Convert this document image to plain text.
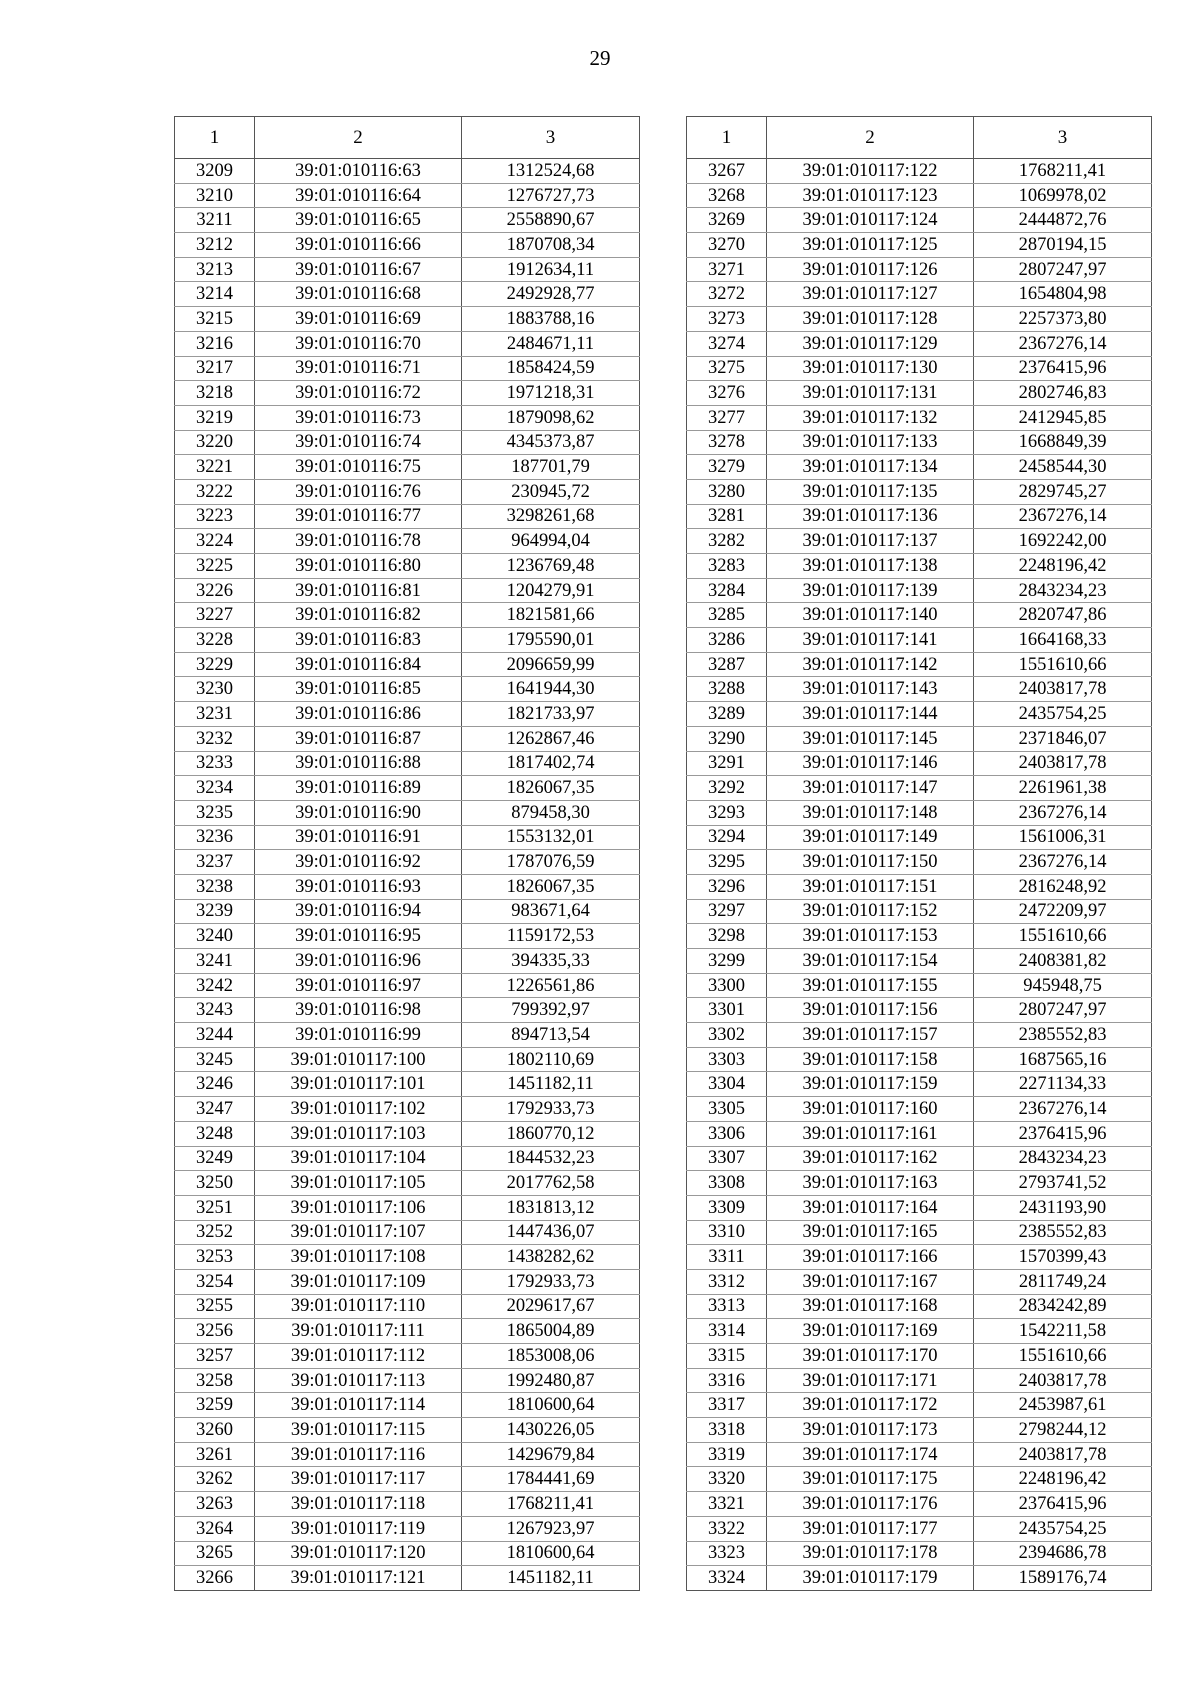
29
1	2	3
3209	39:01:010116:63	1312524,68
3210	39:01:010116:64	1276727,73
3211	39:01:010116:65	2558890,67
3212	39:01:010116:66	1870708,34
3213	39:01:010116:67	1912634,11
3214	39:01:010116:68	2492928,77
3215	39:01:010116:69	1883788,16
3216	39:01:010116:70	2484671,11
3217	39:01:010116:71	1858424,59
3218	39:01:010116:72	1971218,31
3219	39:01:010116:73	1879098,62
3220	39:01:010116:74	4345373,87
3221	39:01:010116:75	187701,79
3222	39:01:010116:76	230945,72
3223	39:01:010116:77	3298261,68
3224	39:01:010116:78	964994,04
3225	39:01:010116:80	1236769,48
3226	39:01:010116:81	1204279,91
3227	39:01:010116:82	1821581,66
3228	39:01:010116:83	1795590,01
3229	39:01:010116:84	2096659,99
3230	39:01:010116:85	1641944,30
3231	39:01:010116:86	1821733,97
3232	39:01:010116:87	1262867,46
3233	39:01:010116:88	1817402,74
3234	39:01:010116:89	1826067,35
3235	39:01:010116:90	879458,30
3236	39:01:010116:91	1553132,01
3237	39:01:010116:92	1787076,59
3238	39:01:010116:93	1826067,35
3239	39:01:010116:94	983671,64
3240	39:01:010116:95	1159172,53
3241	39:01:010116:96	394335,33
3242	39:01:010116:97	1226561,86
3243	39:01:010116:98	799392,97
3244	39:01:010116:99	894713,54
3245	39:01:010117:100	1802110,69
3246	39:01:010117:101	1451182,11
3247	39:01:010117:102	1792933,73
3248	39:01:010117:103	1860770,12
3249	39:01:010117:104	1844532,23
3250	39:01:010117:105	2017762,58
3251	39:01:010117:106	1831813,12
3252	39:01:010117:107	1447436,07
3253	39:01:010117:108	1438282,62
3254	39:01:010117:109	1792933,73
3255	39:01:010117:110	2029617,67
3256	39:01:010117:111	1865004,89
3257	39:01:010117:112	1853008,06
3258	39:01:010117:113	1992480,87
3259	39:01:010117:114	1810600,64
3260	39:01:010117:115	1430226,05
3261	39:01:010117:116	1429679,84
3262	39:01:010117:117	1784441,69
3263	39:01:010117:118	1768211,41
3264	39:01:010117:119	1267923,97
3265	39:01:010117:120	1810600,64
3266	39:01:010117:121	1451182,11
1	2	3
3267	39:01:010117:122	1768211,41
3268	39:01:010117:123	1069978,02
3269	39:01:010117:124	2444872,76
3270	39:01:010117:125	2870194,15
3271	39:01:010117:126	2807247,97
3272	39:01:010117:127	1654804,98
3273	39:01:010117:128	2257373,80
3274	39:01:010117:129	2367276,14
3275	39:01:010117:130	2376415,96
3276	39:01:010117:131	2802746,83
3277	39:01:010117:132	2412945,85
3278	39:01:010117:133	1668849,39
3279	39:01:010117:134	2458544,30
3280	39:01:010117:135	2829745,27
3281	39:01:010117:136	2367276,14
3282	39:01:010117:137	1692242,00
3283	39:01:010117:138	2248196,42
3284	39:01:010117:139	2843234,23
3285	39:01:010117:140	2820747,86
3286	39:01:010117:141	1664168,33
3287	39:01:010117:142	1551610,66
3288	39:01:010117:143	2403817,78
3289	39:01:010117:144	2435754,25
3290	39:01:010117:145	2371846,07
3291	39:01:010117:146	2403817,78
3292	39:01:010117:147	2261961,38
3293	39:01:010117:148	2367276,14
3294	39:01:010117:149	1561006,31
3295	39:01:010117:150	2367276,14
3296	39:01:010117:151	2816248,92
3297	39:01:010117:152	2472209,97
3298	39:01:010117:153	1551610,66
3299	39:01:010117:154	2408381,82
3300	39:01:010117:155	945948,75
3301	39:01:010117:156	2807247,97
3302	39:01:010117:157	2385552,83
3303	39:01:010117:158	1687565,16
3304	39:01:010117:159	2271134,33
3305	39:01:010117:160	2367276,14
3306	39:01:010117:161	2376415,96
3307	39:01:010117:162	2843234,23
3308	39:01:010117:163	2793741,52
3309	39:01:010117:164	2431193,90
3310	39:01:010117:165	2385552,83
3311	39:01:010117:166	1570399,43
3312	39:01:010117:167	2811749,24
3313	39:01:010117:168	2834242,89
3314	39:01:010117:169	1542211,58
3315	39:01:010117:170	1551610,66
3316	39:01:010117:171	2403817,78
3317	39:01:010117:172	2453987,61
3318	39:01:010117:173	2798244,12
3319	39:01:010117:174	2403817,78
3320	39:01:010117:175	2248196,42
3321	39:01:010117:176	2376415,96
3322	39:01:010117:177	2435754,25
3323	39:01:010117:178	2394686,78
3324	39:01:010117:179	1589176,74
